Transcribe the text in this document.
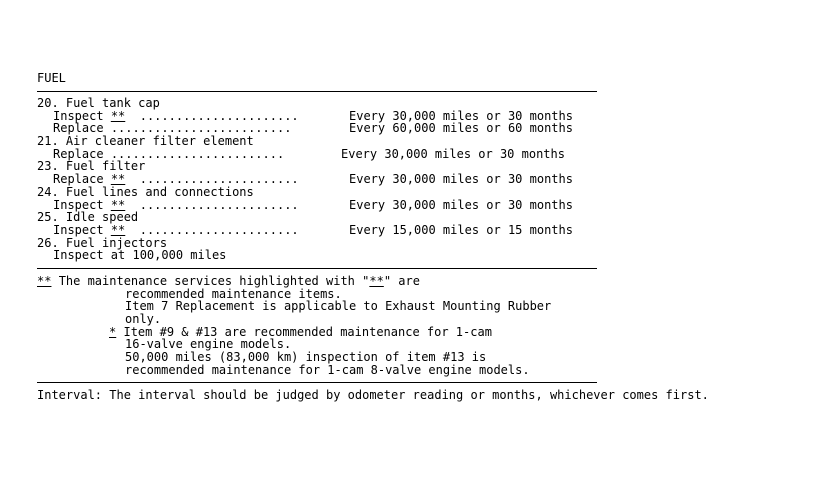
FUEL
20. Fuel tank cap
Inspect ** ......................	Every 30,000 miles or 30 months
Replace .........................	Every 60,000 miles or 60 months
21. Air cleaner filter element
Replace ........................	Every 30,000 miles or 30 months
23. Fuel filter
Replace ** ......................	Every 30,000 miles or 30 months
24. Fuel lines and connections
Inspect ** ......................	Every 30,000 miles or 30 months
25. Idle speed
Inspect ** ......................	Every 15,000 miles or 15 months
26. Fuel injectors
Inspect at 100,000 miles
** The maintenance services highlighted with "**" are
recommended maintenance items.
Item 7 Replacement is applicable to Exhaust Mounting Rubber
only.
* Item #9 & #13 are recommended maintenance for 1-cam
16-valve engine models.
50,000 miles (83,000 km) inspection of item #13 is
recommended maintenance for 1-cam 8-valve engine models.
Interval: The interval should be judged by odometer reading or months, whichever comes first.
